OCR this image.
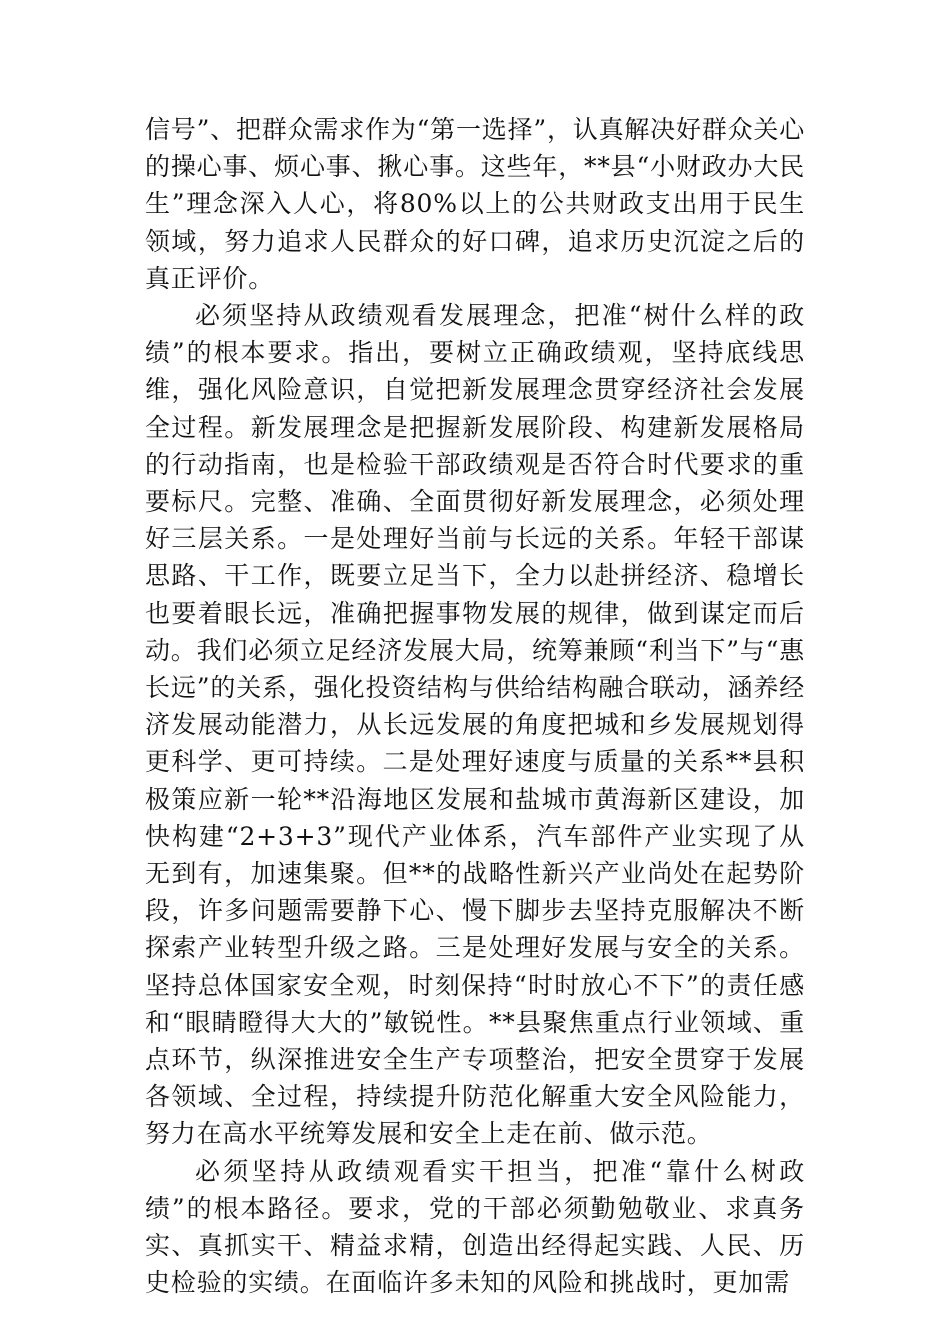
信号”、把群众需求作为“第一选择”，认真解决好群众关心的操心事、烦心事、揪心事。这些年，**县“小财政办大民生”理念深入人心，将80%以上的公共财政支出用于民生领域，努力追求人民群众的好口碑，追求历史沉淀之后的真正评价。

必须坚持从政绩观看发展理念，把准“树什么样的政绩”的根本要求。指出，要树立正确政绩观，坚持底线思维，强化风险意识，自觉把新发展理念贯穿经济社会发展全过程。新发展理念是把握新发展阶段、构建新发展格局的行动指南，也是检验干部政绩观是否符合时代要求的重要标尺。完整、准确、全面贯彻好新发展理念，必须处理好三层关系。一是处理好当前与长远的关系。年轻干部谋思路、干工作，既要立足当下，全力以赴拼经济、稳增长也要着眼长远，准确把握事物发展的规律，做到谋定而后动。我们必须立足经济发展大局，统筹兼顾“利当下”与“惠长远”的关系，强化投资结构与供给结构融合联动，涵养经济发展动能潜力，从长远发展的角度把城和乡发展规划得更科学、更可持续。二是处理好速度与质量的关系**县积极策应新一轮**沿海地区发展和盐城市黄海新区建设，加快构建“2+3+3”现代产业体系，汽车部件产业实现了从无到有，加速集聚。但**的战略性新兴产业尚处在起势阶段，许多问题需要静下心、慢下脚步去坚持克服解决不断探索产业转型升级之路。三是处理好发展与安全的关系。坚持总体国家安全观，时刻保持“时时放心不下”的责任感和“眼睛瞪得大大的”敏锐性。**县聚焦重点行业领域、重点环节，纵深推进安全生产专项整治，把安全贯穿于发展各领域、全过程，持续提升防范化解重大安全风险能力，努力在高水平统筹发展和安全上走在前、做示范。

必须坚持从政绩观看实干担当，把准“靠什么树政绩”的根本路径。要求，党的干部必须勤勉敬业、求真务实、真抓实干、精益求精，创造出经得起实践、人民、历史检验的实绩。在面临许多未知的风险和挑战时，更加需
